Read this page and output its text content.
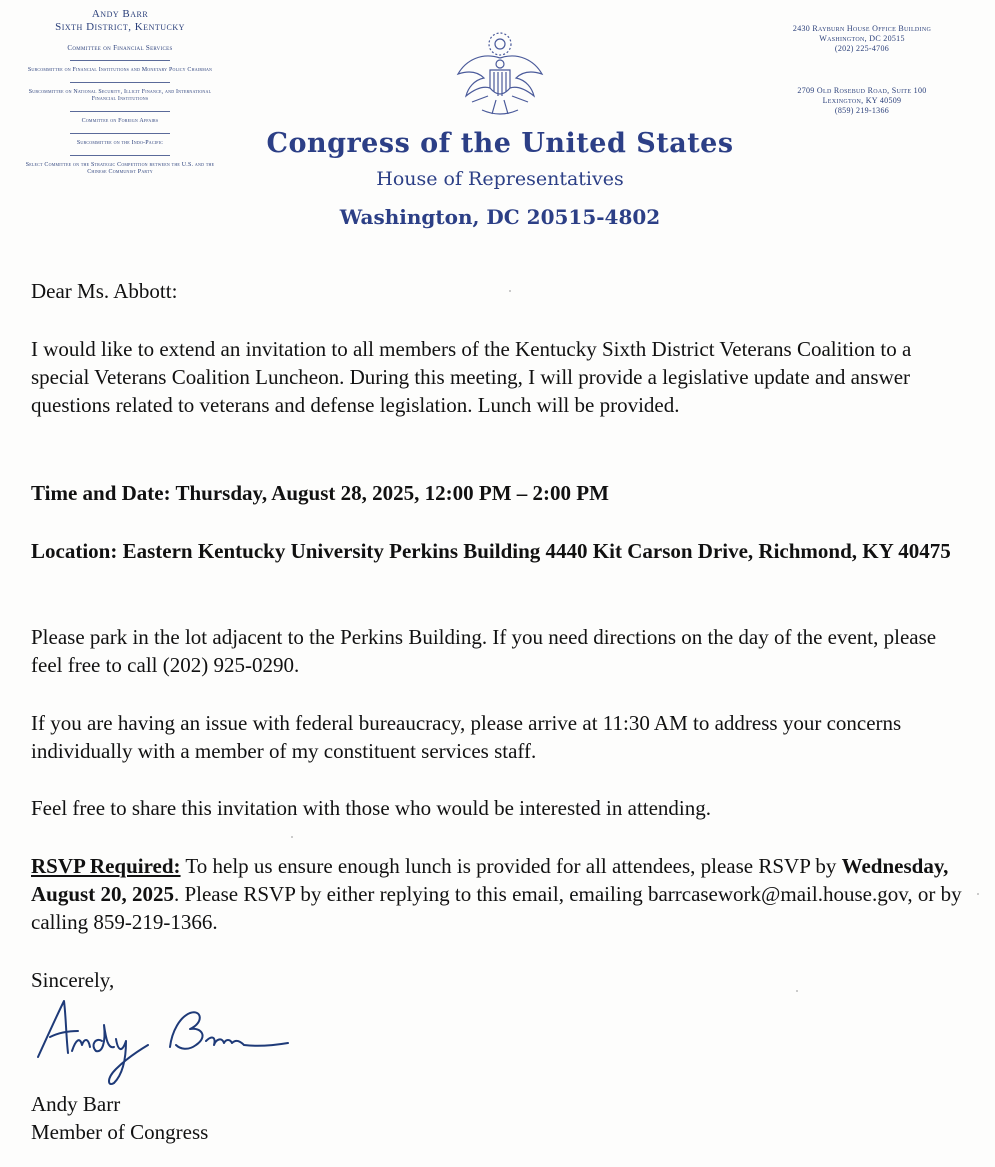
Andy Barr
Sixth District, Kentucky
Committee on Financial Services
Subcommittee on Financial Institutions and Monetary Policy Chairman
Subcommittee on National Security, Illicit Finance, and International Financial Institutions
Committee on Foreign Affairs
Subcommittee on the Indo-Pacific
Select Committee on the Strategic Competition between the U.S. and the Chinese Communist Party
2430 Rayburn House Office Building
Washington, DC 20515
(202) 225-4706
2709 Old Rosebud Road, Suite 100
Lexington, KY 40509
(859) 219-1366
Congress of the United States
House of Representatives
Washington, DC 20515-4802

Dear Ms. Abbott:

I would like to extend an invitation to all members of the Kentucky Sixth District Veterans Coalition to a special Veterans Coalition Luncheon. During this meeting, I will provide a legislative update and answer questions related to veterans and defense legislation. Lunch will be provided.

Time and Date: Thursday, August 28, 2025, 12:00 PM – 2:00 PM

Location: Eastern Kentucky University Perkins Building 4440 Kit Carson Drive, Richmond, KY 40475

Please park in the lot adjacent to the Perkins Building. If you need directions on the day of the event, please feel free to call (202) 925-0290.

If you are having an issue with federal bureaucracy, please arrive at 11:30 AM to address your concerns individually with a member of my constituent services staff.

Feel free to share this invitation with those who would be interested in attending.

RSVP Required: To help us ensure enough lunch is provided for all attendees, please RSVP by Wednesday, August 20, 2025. Please RSVP by either replying to this email, emailing barrcasework@mail.house.gov, or by calling 859-219-1366.

Sincerely,

Andy Barr

Member of Congress
